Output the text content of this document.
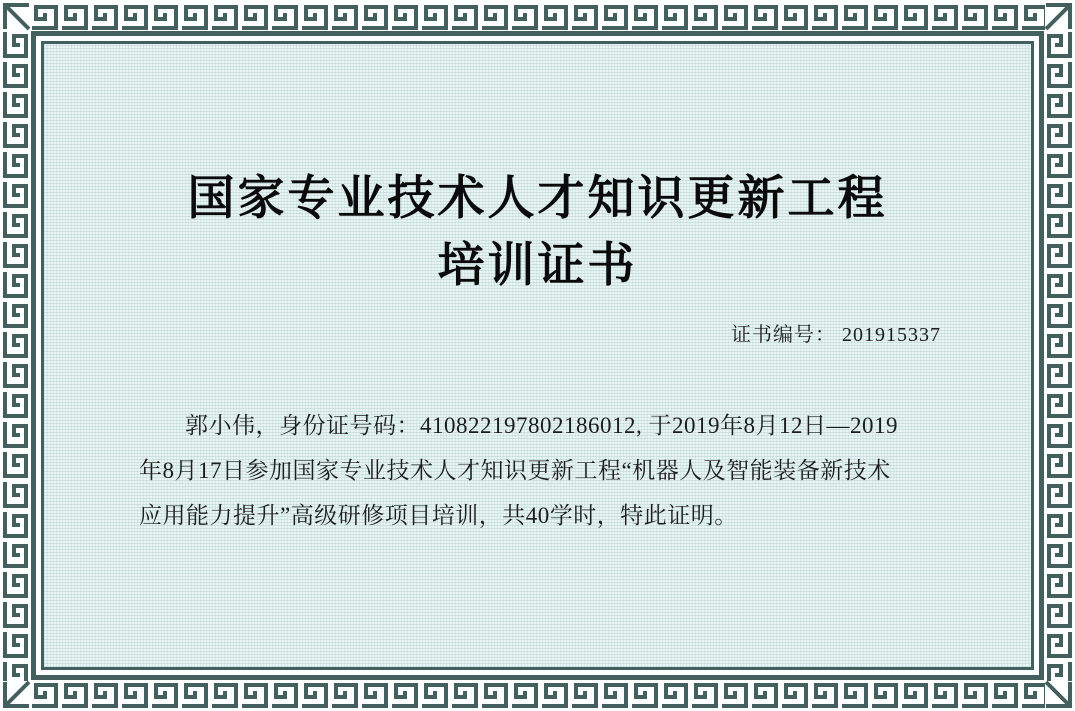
国家专业技术人才知识更新工程
培训证书
证书编号： 201915337
郭小伟，身份证号码：410822197802186012, 于2019年8月12日—2019
年8月17日参加国家专业技术人才知识更新工程“机器人及智能装备新技术
应用能力提升”高级研修项目培训，共40学时，特此证明。
